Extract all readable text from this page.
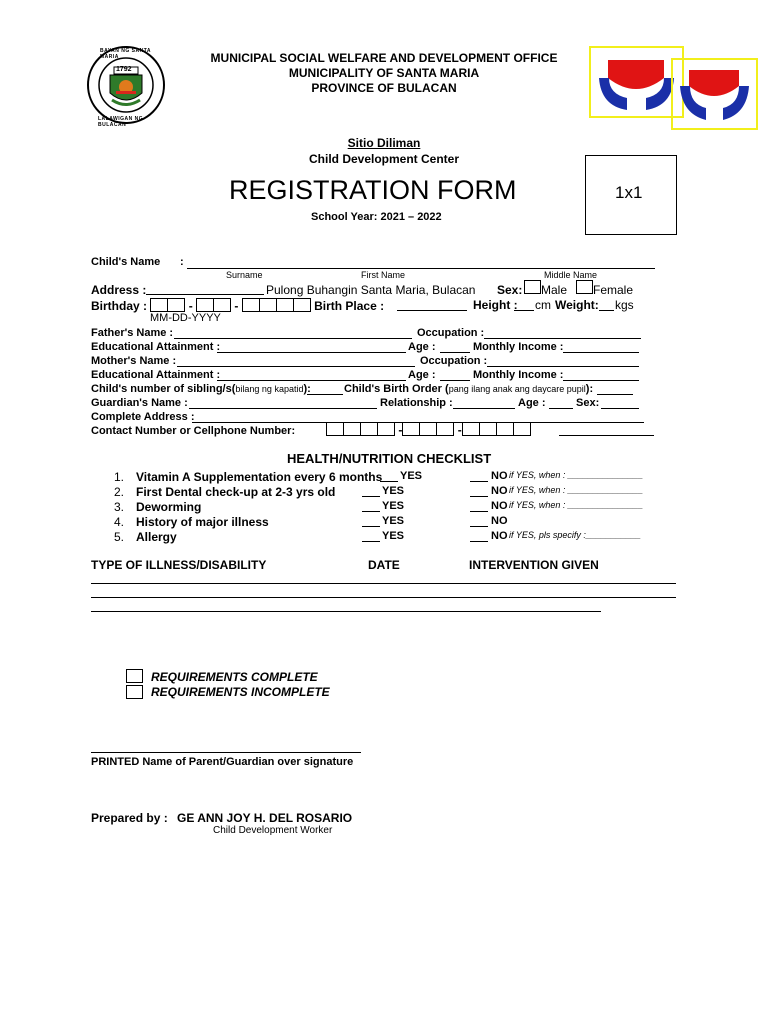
1792
BAYAN NG SANTA MARIA
LALAWIGAN NG BULACAN
MUNICIPAL SOCIAL WELFARE AND DEVELOPMENT OFFICE
MUNICIPALITY OF SANTA MARIA
PROVINCE OF BULACAN
Sitio Diliman
Child Development Center
REGISTRATION FORM
School Year: 2021 – 2022
1x1
Child's Name :
Surname	First Name	Middle Name
Address :	Pulong Buhangin Santa Maria, Bulacan Sex: Male Female
Birthday :	-	-	Birth Place :	Height : cm Weight: kgs
MM-DD-YYYY
Father's Name :	Occupation :
Educational Attainment :	Age :	Monthly Income :
Mother's Name :	Occupation :
Educational Attainment :	Age :	Monthly Income :
Child's number of sibling/s(bilang ng kapatid):	Child's Birth Order (pang ilang anak ang daycare pupil):
Guardian's Name :	Relationship :	Age :	Sex:
Complete Address :
Contact Number or Cellphone Number:	-	-
HEALTH/NUTRITION CHECKLIST
1. Vitamin A Supplementation every 6 months YES	NO if YES, when : _______________
2. First Dental check-up at 2-3 yrs old	YES	NO if YES, when : _______________
3. Deworming	YES	NO if YES, when : _______________
4. History of major illness	YES	NO
5. Allergy	YES	NO if YES, pls specify :___________
TYPE OF ILLNESS/DISABILITY	DATE	INTERVENTION GIVEN
REQUIREMENTS COMPLETE
REQUIREMENTS INCOMPLETE
PRINTED Name of Parent/Guardian over signature
Prepared by : GE ANN JOY H. DEL ROSARIO
Child Development Worker
